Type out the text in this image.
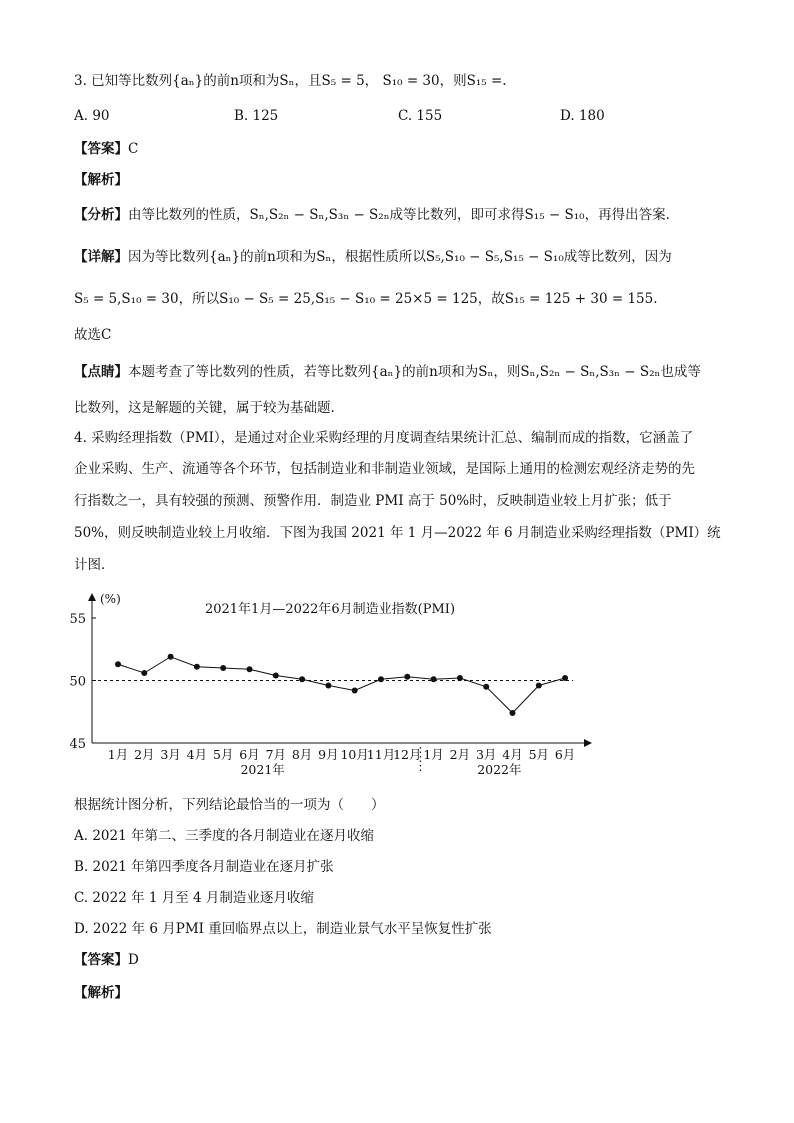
3. 已知等比数列{aₙ}的前n项和为Sₙ，且S₅ = 5， S₁₀ = 30，则S₁₅ =.
A. 90	B. 125	C. 155	D. 180
【答案】C
【解析】
【分析】由等比数列的性质，Sₙ,S₂ₙ − Sₙ,S₃ₙ − S₂ₙ成等比数列，即可求得S₁₅ − S₁₀，再得出答案.
【详解】因为等比数列{aₙ}的前n项和为Sₙ，根据性质所以S₅,S₁₀ − S₅,S₁₅ − S₁₀成等比数列，因为
S₅ = 5,S₁₀ = 30，所以S₁₀ − S₅ = 25,S₁₅ − S₁₀ = 25×5 = 125，故S₁₅ = 125 + 30 = 155.
故选C
【点睛】本题考查了等比数列的性质，若等比数列{aₙ}的前n项和为Sₙ，则Sₙ,S₂ₙ − Sₙ,S₃ₙ − S₂ₙ也成等
比数列，这是解题的关键，属于较为基础题.
4. 采购经理指数（PMI），是通过对企业采购经理的月度调查结果统计汇总、编制而成的指数，它涵盖了
企业采购、生产、流通等各个环节，包括制造业和非制造业领域，是国际上通用的检测宏观经济走势的先
行指数之一，具有较强的预测、预警作用．制造业 PMI 高于 50%时，反映制造业较上月扩张；低于
50%，则反映制造业较上月收缩．下图为我国 2021 年 1 月—2022 年 6 月制造业采购经理指数（PMI）统
计图．
(%)
45
50
55
2021年1月—2022年6月制造业指数(PMI)
1月 2月 3月 4月 5月 6月 7月 8月 9月 10月
11月
12月 1月 2月 3月 4月 5月 6月
2021年	2022年
根据统计图分析，下列结论最恰当的一项为（　　）
A. 2021 年第二、三季度的各月制造业在逐月收缩
B. 2021 年第四季度各月制造业在逐月扩张
C. 2022 年 1 月至 4 月制造业逐月收缩
D. 2022 年 6 月PMI 重回临界点以上，制造业景气水平呈恢复性扩张
【答案】D
【解析】
